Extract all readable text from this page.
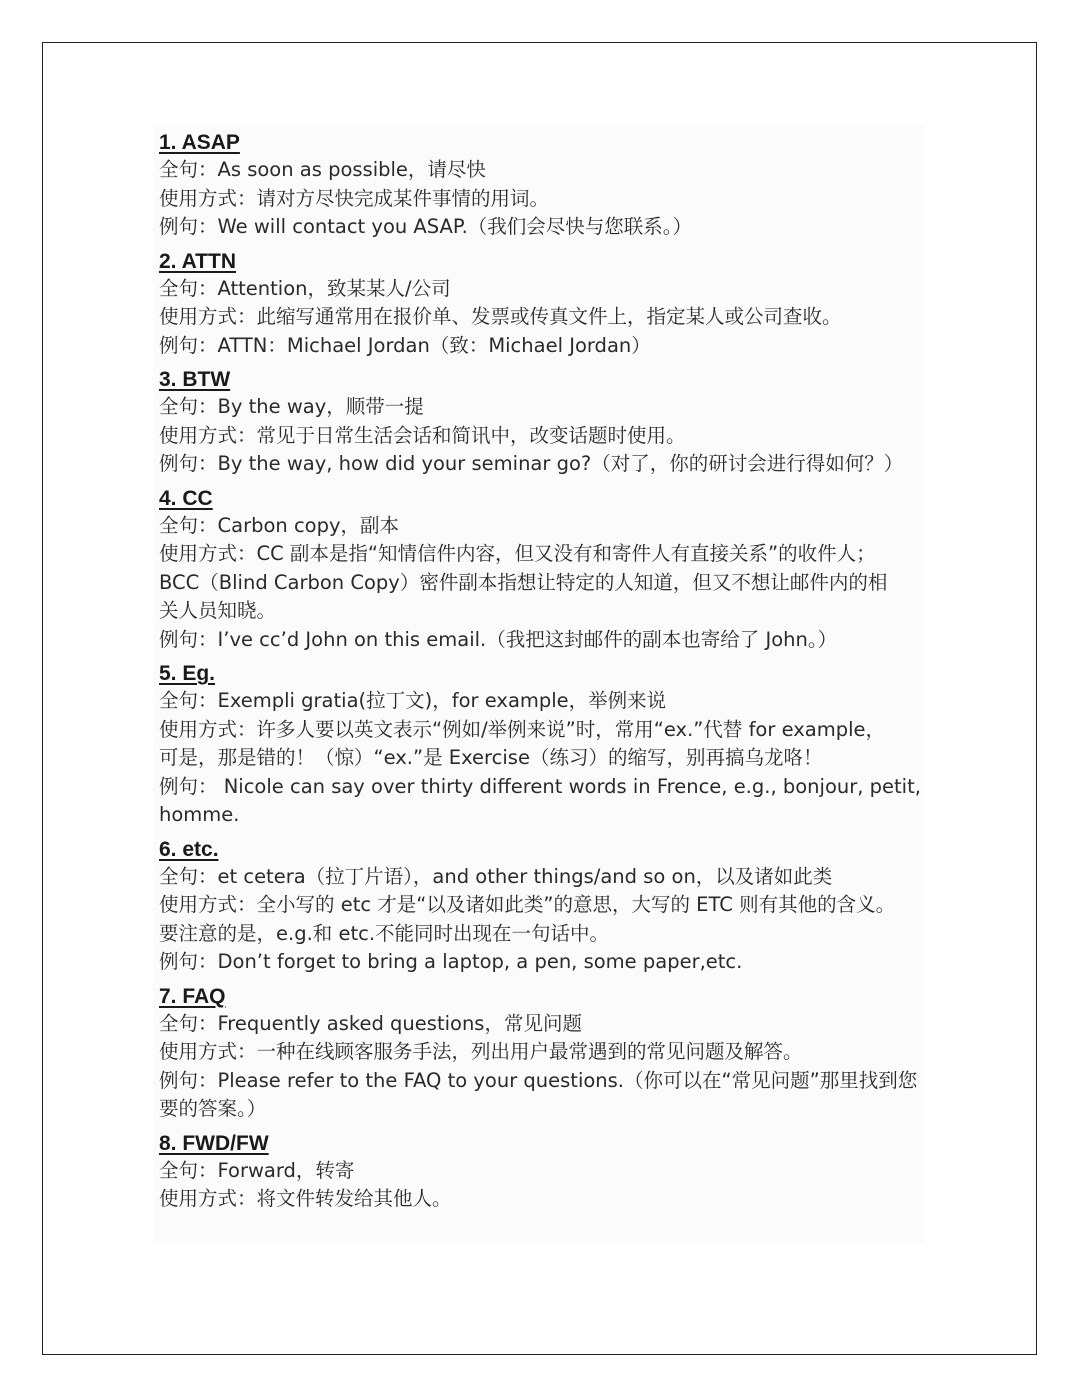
1. ASAP
全句：As soon as possible，请尽快
使用方式：请对方尽快完成某件事情的用词。
例句：We will contact you ASAP.（我们会尽快与您联系。）
2. ATTN
全句：Attention，致某某人/公司
使用方式：此缩写通常用在报价单、发票或传真文件上，指定某人或公司查收。
例句：ATTN：Michael Jordan（致：Michael Jordan）
3. BTW
全句：By the way，顺带一提
使用方式：常见于日常生活会话和简讯中，改变话题时使用。
例句：By the way, how did your seminar go?（对了，你的研讨会进行得如何？）
4. CC
全句：Carbon copy，副本
使用方式：CC 副本是指“知情信件内容，但又没有和寄件人有直接关系”的收件人；
BCC（Blind Carbon Copy）密件副本指想让特定的人知道，但又不想让邮件内的相
关人员知晓。
例句：I’ve cc’d John on this email.（我把这封邮件的副本也寄给了 John。）
5. Eg.
全句：Exempli gratia(拉丁文)，for example，举例来说
使用方式：许多人要以英文表示“例如/举例来说”时，常用“ex.”代替 for example，
可是，那是错的！（惊）“ex.”是 Exercise（练习）的缩写，别再搞乌龙咯！
例句： Nicole can say over thirty different words in Frence, e.g., bonjour, petit,
homme.
6. etc.
全句：et cetera（拉丁片语），and other things/and so on，以及诸如此类
使用方式：全小写的 etc 才是“以及诸如此类”的意思，大写的 ETC 则有其他的含义。
要注意的是，e.g.和 etc.不能同时出现在一句话中。
例句：Don’t forget to bring a laptop, a pen, some paper,etc.
7. FAQ
全句：Frequently asked questions，常见问题
使用方式：一种在线顾客服务手法，列出用户最常遇到的常见问题及解答。
例句：Please refer to the FAQ to your questions.（你可以在“常见问题”那里找到您
要的答案。）
8. FWD/FW
全句：Forward，转寄
使用方式：将文件转发给其他人。
